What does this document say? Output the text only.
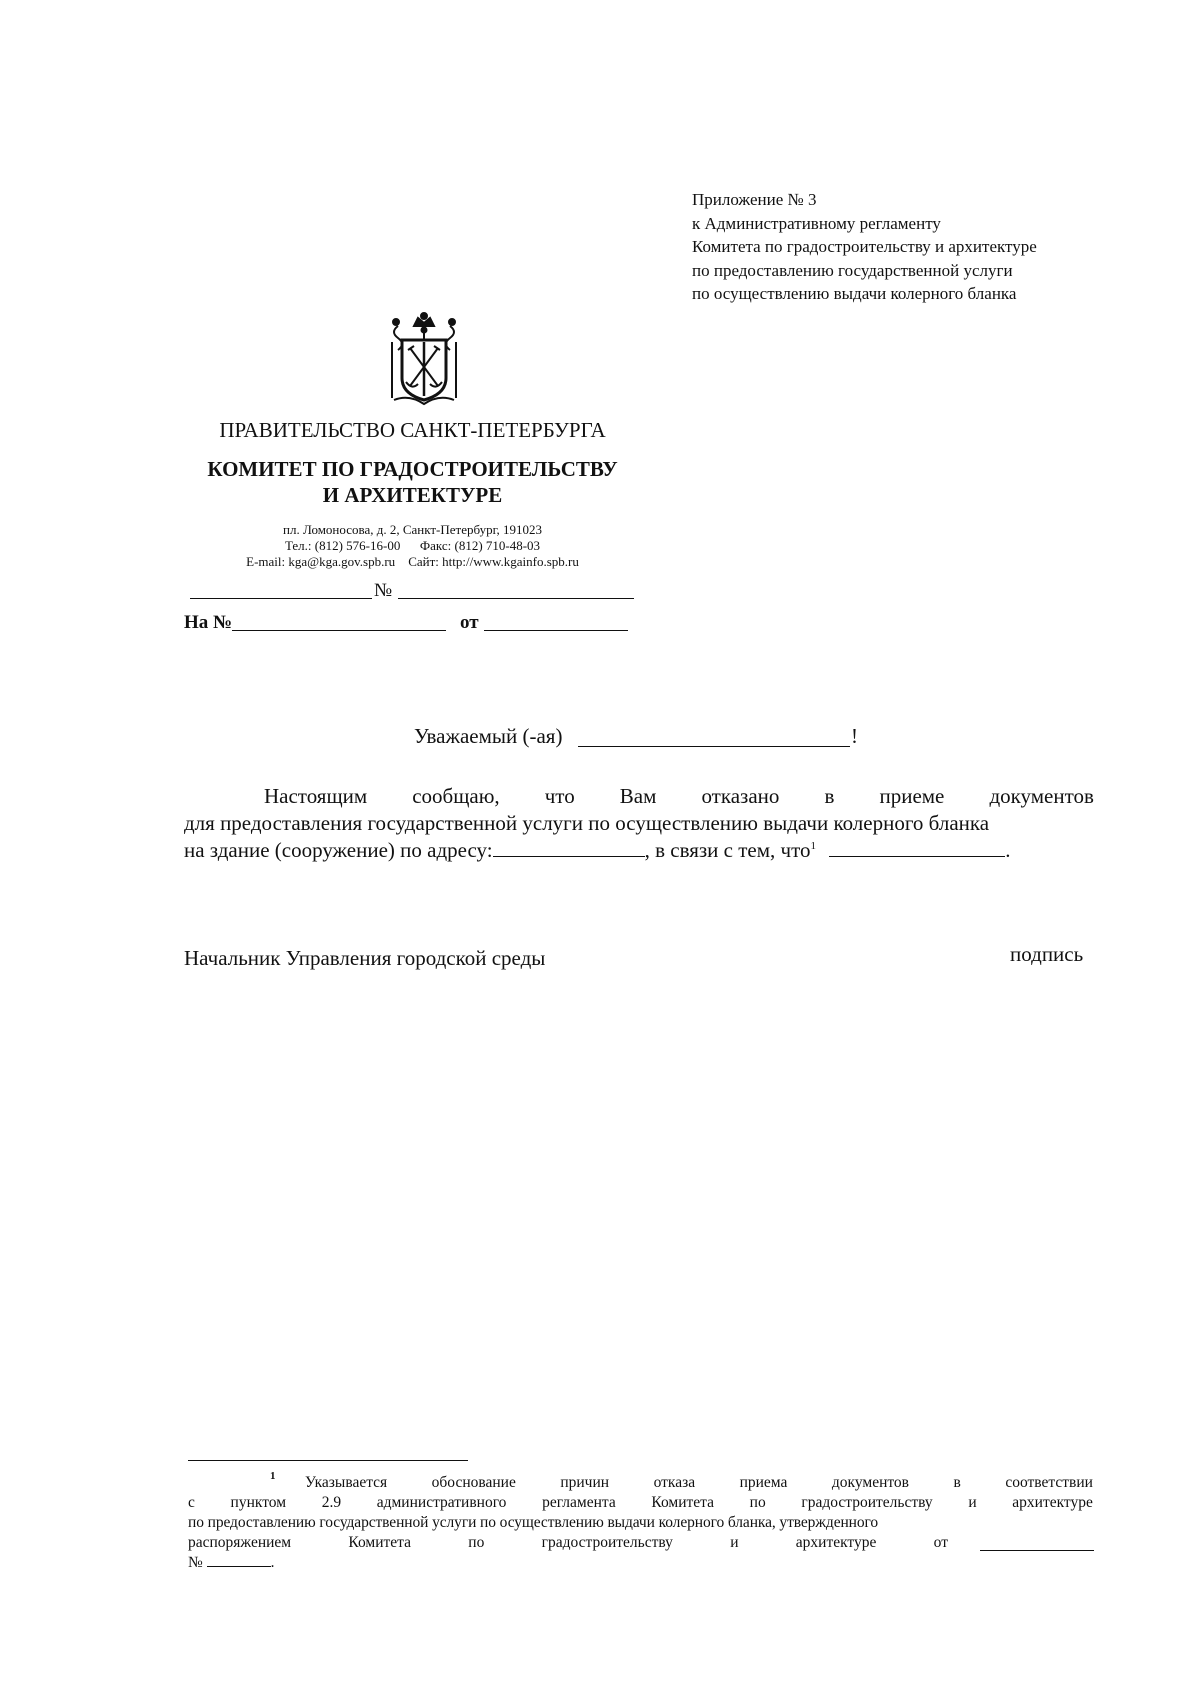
Приложение № 3
к Административному регламенту
Комитета по градостроительству и архитектуре
по предоставлению государственной услуги
по осуществлению выдачи колерного бланка
ПРАВИТЕЛЬСТВО САНКТ-ПЕТЕРБУРГА
КОМИТЕТ ПО ГРАДОСТРОИТЕЛЬСТВУ
И АРХИТЕКТУРЕ
пл. Ломоносова, д. 2, Санкт-Петербург, 191023
Тел.: (812) 576-16-00 Факс: (812) 710-48-03
E-mail: kga@kga.gov.spb.ru Сайт: http://www.kgainfo.spb.ru
№
На №	от
Уважаемый (-ая)	!
Настоящим сообщаю, что Вам отказано в приеме документов
для предоставления государственной услуги по осуществлению выдачи колерного бланка
на здание (сооружение) по адресу:	, в связи с тем, что$^1$	.
Начальник Управления городской среды	подпись
1 Указывается	обоснование	причин	отказа	приема	документов	в	соответствии
с пунктом 2.9 административного регламента Комитета по градостроительству и архитектуре
по предоставлению государственной услуги по осуществлению выдачи колерного бланка, утвержденного
распоряжением	Комитета	по	градостроительству	и	архитектуре	от
№	.
